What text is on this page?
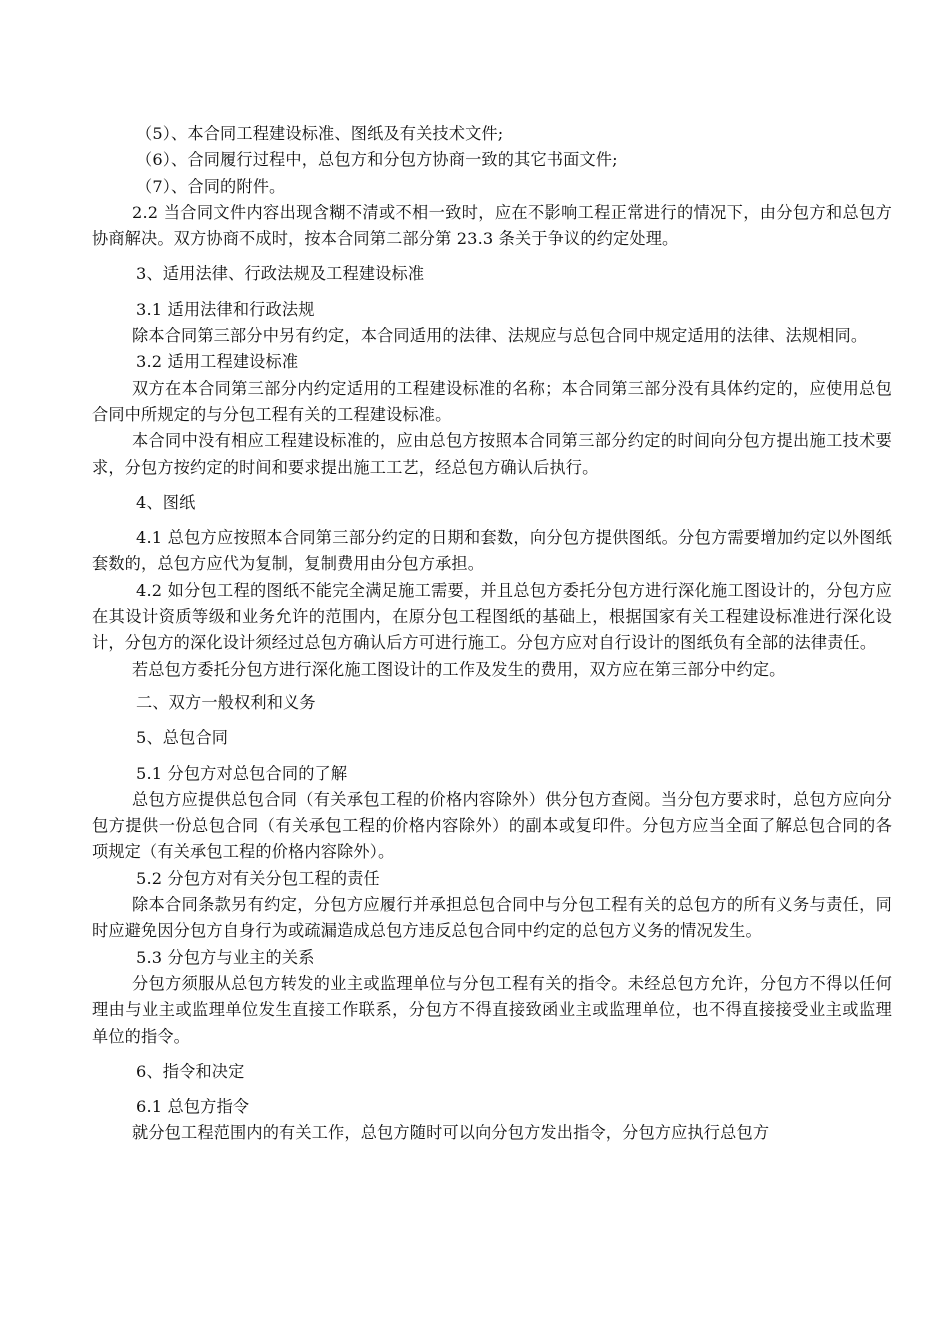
（5）、本合同工程建设标准、图纸及有关技术文件;

（6）、合同履行过程中，总包方和分包方协商一致的其它书面文件;

（7）、合同的附件。

2.2 当合同文件内容出现含糊不清或不相一致时，应在不影响工程正常进行的情况下，由分包方和总包方协商解决。双方协商不成时，按本合同第二部分第 23.3 条关于争议的约定处理。

3、适用法律、行政法规及工程建设标准

3.1 适用法律和行政法规

除本合同第三部分中另有约定，本合同适用的法律、法规应与总包合同中规定适用的法律、法规相同。

3.2 适用工程建设标准

双方在本合同第三部分内约定适用的工程建设标准的名称；本合同第三部分没有具体约定的，应使用总包合同中所规定的与分包工程有关的工程建设标准。

本合同中没有相应工程建设标准的，应由总包方按照本合同第三部分约定的时间向分包方提出施工技术要求，分包方按约定的时间和要求提出施工工艺，经总包方确认后执行。

4、图纸

4.1 总包方应按照本合同第三部分约定的日期和套数，向分包方提供图纸。分包方需要增加约定以外图纸套数的，总包方应代为复制，复制费用由分包方承担。

4.2 如分包工程的图纸不能完全满足施工需要，并且总包方委托分包方进行深化施工图设计的，分包方应在其设计资质等级和业务允许的范围内，在原分包工程图纸的基础上，根据国家有关工程建设标准进行深化设计，分包方的深化设计须经过总包方确认后方可进行施工。分包方应对自行设计的图纸负有全部的法律责任。

若总包方委托分包方进行深化施工图设计的工作及发生的费用，双方应在第三部分中约定。

二、双方一般权利和义务

5、总包合同

5.1 分包方对总包合同的了解

总包方应提供总包合同（有关承包工程的价格内容除外）供分包方查阅。当分包方要求时，总包方应向分包方提供一份总包合同（有关承包工程的价格内容除外）的副本或复印件。分包方应当全面了解总包合同的各项规定（有关承包工程的价格内容除外）。

5.2 分包方对有关分包工程的责任

除本合同条款另有约定，分包方应履行并承担总包合同中与分包工程有关的总包方的所有义务与责任，同时应避免因分包方自身行为或疏漏造成总包方违反总包合同中约定的总包方义务的情况发生。

5.3 分包方与业主的关系

分包方须服从总包方转发的业主或监理单位与分包工程有关的指令。未经总包方允许，分包方不得以任何理由与业主或监理单位发生直接工作联系，分包方不得直接致函业主或监理单位，也不得直接接受业主或监理单位的指令。

6、指令和决定

6.1 总包方指令

就分包工程范围内的有关工作，总包方随时可以向分包方发出指令，分包方应执行总包方
